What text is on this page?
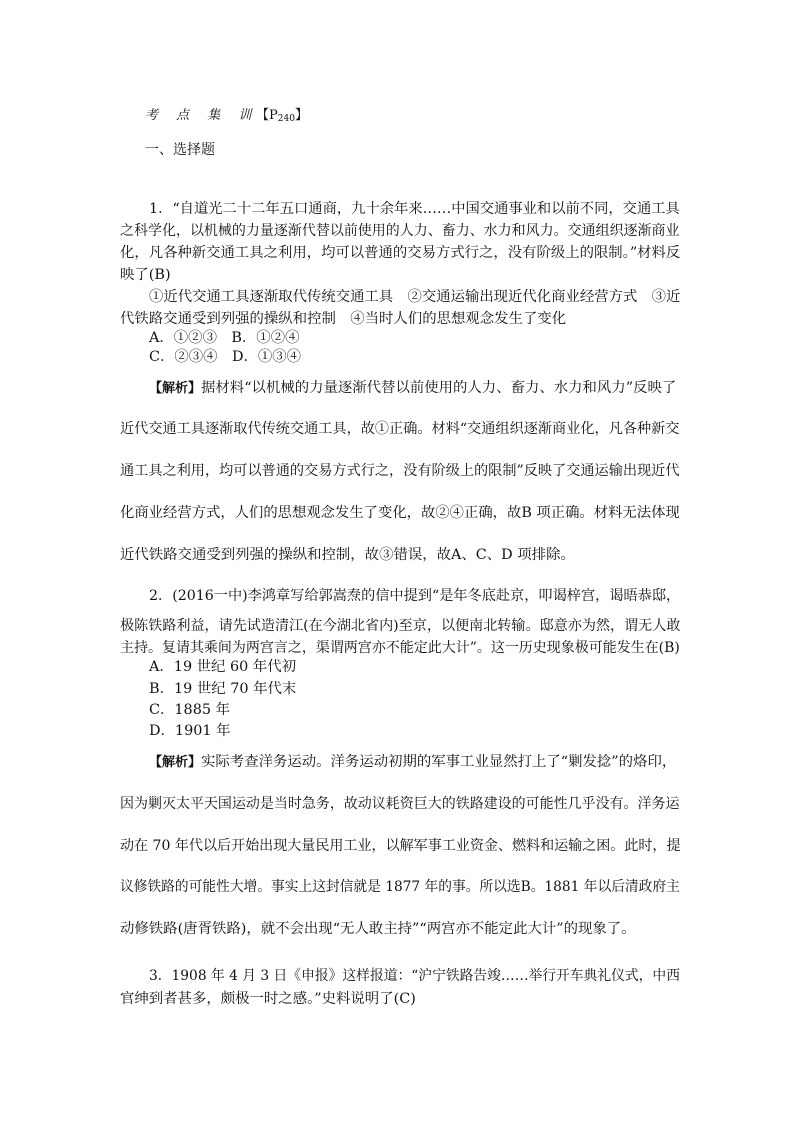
考 点 集 训
【$P_{240}$】
一、选择题
1．“自道光二十二年五口通商，九十余年来……中国交通事业和以前不同，交通工具
之科学化，以机械的力量逐渐代替以前使用的人力、畜力、水力和风力。交通组织逐渐商业
化，凡各种新交通工具之利用，均可以普通的交易方式行之，没有阶级上的限制。”材料反
映了(B)
①近代交通工具逐渐取代传统交通工具　②交通运输出现近代化商业经营方式　③近
代铁路交通受到列强的操纵和控制　④当时人们的思想观念发生了变化
A．①②③　B．①②④
C．②③④　D．①③④
【解析】据材料“以机械的力量逐渐代替以前使用的人力、畜力、水力和风力”反映了
近代交通工具逐渐取代传统交通工具，故①正确。材料“交通组织逐渐商业化，凡各种新交
通工具之利用，均可以普通的交易方式行之，没有阶级上的限制”反映了交通运输出现近代
化商业经营方式，人们的思想观念发生了变化，故②④正确，故B 项正确。材料无法体现
近代铁路交通受到列强的操纵和控制，故③错误，故A、C、D 项排除。
2．(2016一中)李鸿章写给郭嵩焘的信中提到“是年冬底赴京，叩谒梓宫，谒晤恭邸，
极陈铁路利益，请先试造清江(在今湖北省内)至京，以便南北转输。邸意亦为然，谓无人敢
主持。复请其乘间为两宫言之，渠谓两宫亦不能定此大计”。这一历史现象极可能发生在(B)
A．19 世纪 60 年代初
B．19 世纪 70 年代末
C．1885 年
D．1901 年
【解析】实际考查洋务运动。洋务运动初期的军事工业显然打上了“剿发捻”的烙印，
因为剿灭太平天国运动是当时急务，故动议耗资巨大的铁路建设的可能性几乎没有。洋务运
动在 70 年代以后开始出现大量民用工业，以解军事工业资金、燃料和运输之困。此时，提
议修铁路的可能性大增。事实上这封信就是 1877 年的事。所以选B。1881 年以后清政府主
动修铁路(唐胥铁路)，就不会出现“无人敢主持”“两宫亦不能定此大计”的现象了。
3．1908 年 4 月 3 日《申报》这样报道：“沪宁铁路告竣……举行开车典礼仪式，中西
官绅到者甚多，颇极一时之感。”史料说明了(C)
